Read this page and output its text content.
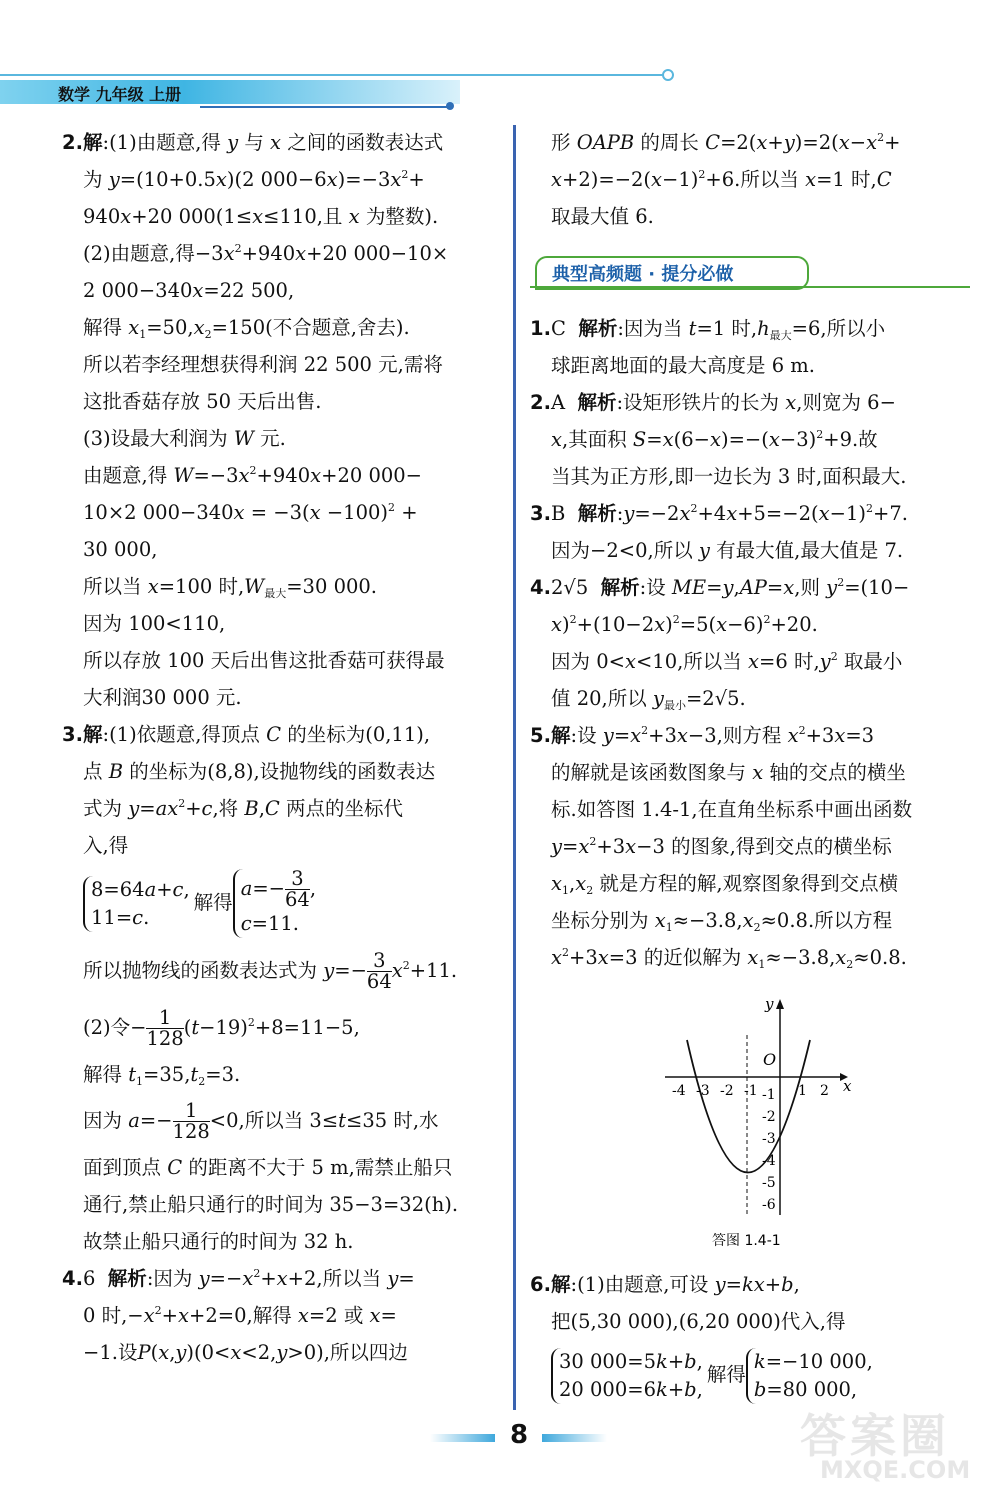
数学 九年级 上册

2.解:(1)由题意,得 y 与 x 之间的函数表达式

为 y=(10+0.5x)(2 $000-6x)=-3x^2+$

940x+20 000(1≤x≤110,且 x 为整数).

(2)由题意,得$-3x^2+940x+20$ 000−10×

2 000−340x=22 500,

解得 $x_1=50,x_2=150$(不合题意,舍去).

所以若李经理想获得利润 22 500 元,需将

这批香菇存放 50 天后出售.

(3)设最大利润为 W 元.

由题意,得 $W=-3x^2+940x+20$ 000−

10×2 $000-340x = -3(x -100)^2$ +

30 000,

所以当 x=100 时$,W_{最大}=30$ 000.

因为 100<110,

所以存放 100 天后出售这批香菇可获得最

大利润30 000 元.

3.解:(1)依题意,得顶点 C 的坐标为(0,11),

点 B 的坐标为(8,8),设抛物线的函数表达

式为 $y=ax^2+c$,将 B,C 两点的坐标代

入,得

8=64a+c,
11=c.
解得
$a=- \frac{3}{64}$ ,
c=11.

所以抛物线的函数表达式为 $y=- \frac{3}{64} x^2+11$.

(2)令− $\frac{1}{128} (t-19)^2+8=11-5$,

解得 $t_1=35,t_2=3$.

因为 $a=- \frac{1}{128} <0$,所以当 3≤t≤35 时,水

面到顶点 C 的距离不大于 5 m,需禁止船只

通行,禁止船只通行的时间为 35−3=32(h).

故禁止船只通行的时间为 32 h.

4.6  解析:因为 $y=-x^2+x+2$,所以当 y=

0 时$,-x^2+x+2=0$,解得 x=2 或 x=

−1.设P(x,y)(0<x<2,y>0),所以四边

形 OAPB 的周长 $C=2(x+y)=2(x-x^2+$

$x+2)=-2(x-1)^2+6$.所以当 x=1 时,C

取最大值 6.

典型高频题 · 提分必做

1.C  解析:因为当 t=1 时$,h_{最大}=6$,所以小

球距离地面的最大高度是 6 m.

2.A  解析:设矩形铁片的长为 x,则宽为 6−

x,其面积 $S=x(6-x)=-(x-3)^2+9$.故

当其为正方形,即一边长为 3 时,面积最大.

3.B  解析$:y=-2x^2+4x+5=-2(x-1)^2+7$.

因为−2<0,所以 y 有最大值,最大值是 7.

4.2√5  解析:设 ME=y,AP=x,则 $y^2=(10-$

$x)^2+(10-2x)^2=5(x-6)^2+20$.

因为 0<x<10,所以当 x=6 时$,y^2$ 取最小

值 20,所以 $y_{最小}=2√5$.

5.解:设 $y=x^2+3x-3$,则方程 $x^2+3x=3$

的解就是该函数图象与 x 轴的交点的横坐

标.如答图 1.4-1,在直角坐标系中画出函数

$y=x^2+3x-3$ 的图象,得到交点的横坐标

$x_1,x_2$ 就是方程的解,观察图象得到交点横

坐标分别为 $x_1\approx-3.8,x_2\approx 0.8$.所以方程

$x^2+3x=3$ 的近似解为 $x_1\approx-3.8,x_2\approx 0.8$.

x
y
O
-4 -3 -2 -1	1 2
-1
-2
-3
-4
-5
-6
答图 1.4-1

6.解:(1)由题意,可设 y=kx+b,

把(5,30 000),(6,20 000)代入,得

30 000=5k+b,
20 000=6k+b,
解得
k=−10 000,
b=80 000,

8	答案圈
MXQE.COM
